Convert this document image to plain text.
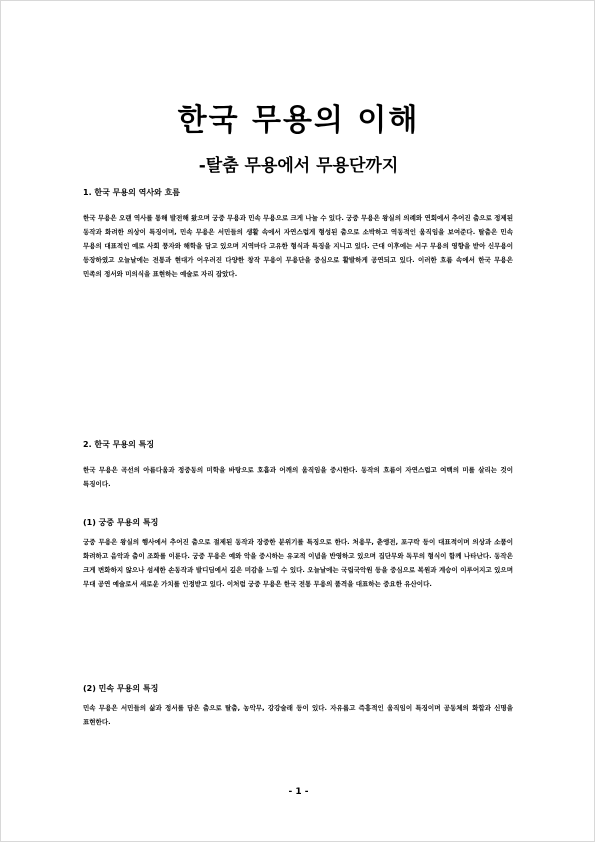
한국 무용의 이해
-탈춤 무용에서 무용단까지
1. 한국 무용의 역사와 흐름
한국 무용은 오랜 역사를 통해 발전해 왔으며 궁중 무용과 민속 무용으로 크게 나눌 수 있다. 궁중 무용은 왕실의 의례와 연회에서 추어진 춤으로 정제된 동작과 화려한 의상이 특징이며, 민속 무용은 서민들의 생활 속에서 자연스럽게 형성된 춤으로 소박하고 역동적인 움직임을 보여준다. 탈춤은 민속 무용의 대표적인 예로 사회 풍자와 해학을 담고 있으며 지역마다 고유한 형식과 특징을 지니고 있다. 근대 이후에는 서구 무용의 영향을 받아 신무용이 등장하였고 오늘날에는 전통과 현대가 어우러진 다양한 창작 무용이 무용단을 중심으로 활발하게 공연되고 있다. 이러한 흐름 속에서 한국 무용은 민족의 정서와 미의식을 표현하는 예술로 자리 잡았다.
2. 한국 무용의 특징
한국 무용은 곡선의 아름다움과 정중동의 미학을 바탕으로 호흡과 어깨의 움직임을 중시한다. 동작의 흐름이 자연스럽고 여백의 미를 살리는 것이 특징이다.
(1) 궁중 무용의 특징
궁중 무용은 왕실의 행사에서 추어진 춤으로 절제된 동작과 장중한 분위기를 특징으로 한다. 처용무, 춘앵전, 포구락 등이 대표적이며 의상과 소품이 화려하고 음악과 춤이 조화를 이룬다. 궁중 무용은 예와 악을 중시하는 유교적 이념을 반영하고 있으며 집단무와 독무의 형식이 함께 나타난다. 동작은 크게 변화하지 않으나 섬세한 손동작과 발디딤에서 깊은 미감을 느낄 수 있다. 오늘날에는 국립국악원 등을 중심으로 복원과 계승이 이루어지고 있으며 무대 공연 예술로서 새로운 가치를 인정받고 있다. 이처럼 궁중 무용은 한국 전통 무용의 품격을 대표하는 중요한 유산이다.
(2) 민속 무용의 특징
민속 무용은 서민들의 삶과 정서를 담은 춤으로 탈춤, 농악무, 강강술래 등이 있다. 자유롭고 즉흥적인 움직임이 특징이며 공동체의 화합과 신명을 표현한다.
- 1 -
